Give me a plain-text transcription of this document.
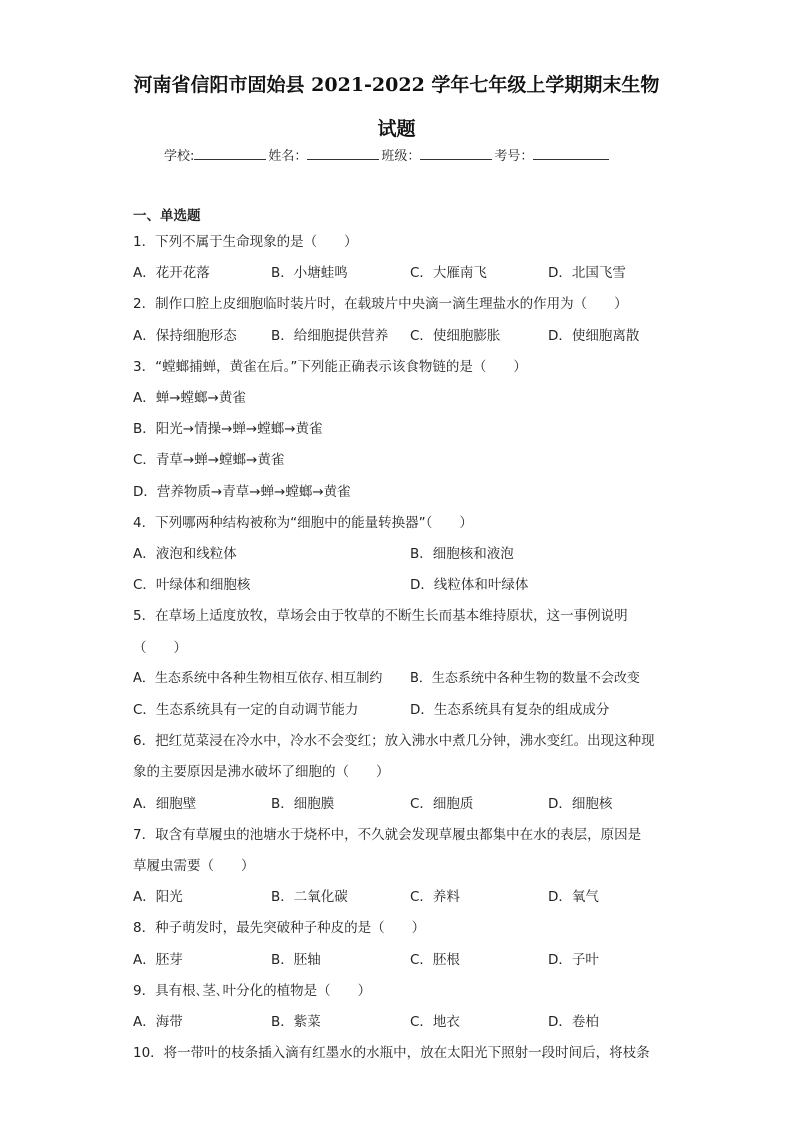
河南省信阳市固始县 2021-2022 学年七年级上学期期末生物
试题
学校:	姓名：	班级：	考号：
一、单选题
1．下列不属于生命现象的是（　　）
A．花开花落	B．小塘蛙鸣	C．大雁南飞	D．北国飞雪
2．制作口腔上皮细胞临时装片时，在载玻片中央滴一滴生理盐水的作用为（　　）
A．保持细胞形态	B．给细胞提供营养 C．使细胞膨胀	D．使细胞离散
3．“螳螂捕蝉，黄雀在后。”下列能正确表示该食物链的是（　　）
A．蝉→螳螂→黄雀
B．阳光→情操→蝉→螳螂→黄雀
C．青草→蝉→螳螂→黄雀
D．营养物质→青草→蝉→螳螂→黄雀
4．下列哪两种结构被称为“细胞中的能量转换器”（　　）
A．液泡和线粒体	B．细胞核和液泡
C．叶绿体和细胞核	D．线粒体和叶绿体
5．在草场上适度放牧，草场会由于牧草的不断生长而基本维持原状，这一事例说明
（　　）
A．生态系统中各种生物相互依存､相互制约 B．生态系统中各种生物的数量不会改变
C．生态系统具有一定的自动调节能力	D．生态系统具有复杂的组成成分
6．把红苋菜浸在冷水中，冷水不会变红；放入沸水中煮几分钟，沸水变红。出现这种现
象的主要原因是沸水破坏了细胞的（　　）
A．细胞壁	B．细胞膜	C．细胞质	D．细胞核
7．取含有草履虫的池塘水于烧杯中，不久就会发现草履虫都集中在水的表层，原因是
草履虫需要（　　）
A．阳光	B．二氧化碳	C．养料	D．氧气
8．种子萌发时，最先突破种子种皮的是（　　）
A．胚芽	B．胚轴	C．胚根	D．子叶
9．具有根､茎､叶分化的植物是（　　）
A．海带	B．紫菜	C．地衣	D．卷柏
10．将一带叶的枝条插入滴有红墨水的水瓶中，放在太阳光下照射一段时间后，将枝条
